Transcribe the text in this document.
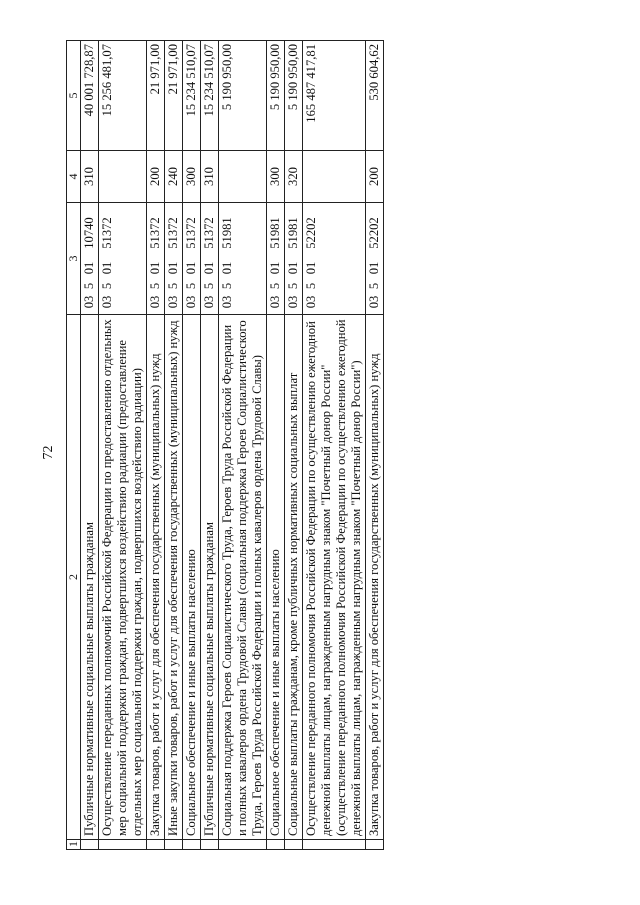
72
1	2	3	4	5
	Публичные нормативные социальные выплаты гражданам	0350110740	310	40 001 728,87
	Осуществление переданных полномочий Российской Федерации по предоставлению отдельных мер социальной поддержки граждан, подвергшихся воздействию радиации (предоставление отдельных мер социальной поддержки граждан, подвергшихся воздействию радиации)	0350151372		15 256 481,07
	Закупка товаров, работ и услуг для обеспечения государственных (муниципальных) нужд	0350151372	200	21 971,00
	Иные закупки товаров, работ и услуг для обеспечения государственных (муниципальных) нужд	0350151372	240	21 971,00
	Социальное обеспечение и иные выплаты населению	0350151372	300	15 234 510,07
	Публичные нормативные социальные выплаты гражданам	0350151372	310	15 234 510,07
	Социальная поддержка Героев Социалистического Труда, Героев Труда Российской Федерации и полных кавалеров ордена Трудовой Славы (социальная поддержка Героев Социалистического Труда, Героев Труда Российской Федерации и полных кавалеров ордена Трудовой Славы)	0350151981		5 190 950,00
	Социальное обеспечение и иные выплаты населению	0350151981	300	5 190 950,00
	Социальные выплаты гражданам, кроме публичных нормативных социальных выплат	0350151981	320	5 190 950,00
	Осуществление переданного полномочия Российской Федерации по осуществлению ежегодной денежной выплаты лицам, награжденным нагрудным знаком "Почетный донор России" (осуществление переданного полномочия Российской Федерации по осуществлению ежегодной денежной выплаты лицам, награжденным нагрудным знаком "Почетный донор России")	0350152202		165 487 417,81
	Закупка товаров, работ и услуг для обеспечения государственных (муниципальных) нужд	0350152202	200	530 604,62
